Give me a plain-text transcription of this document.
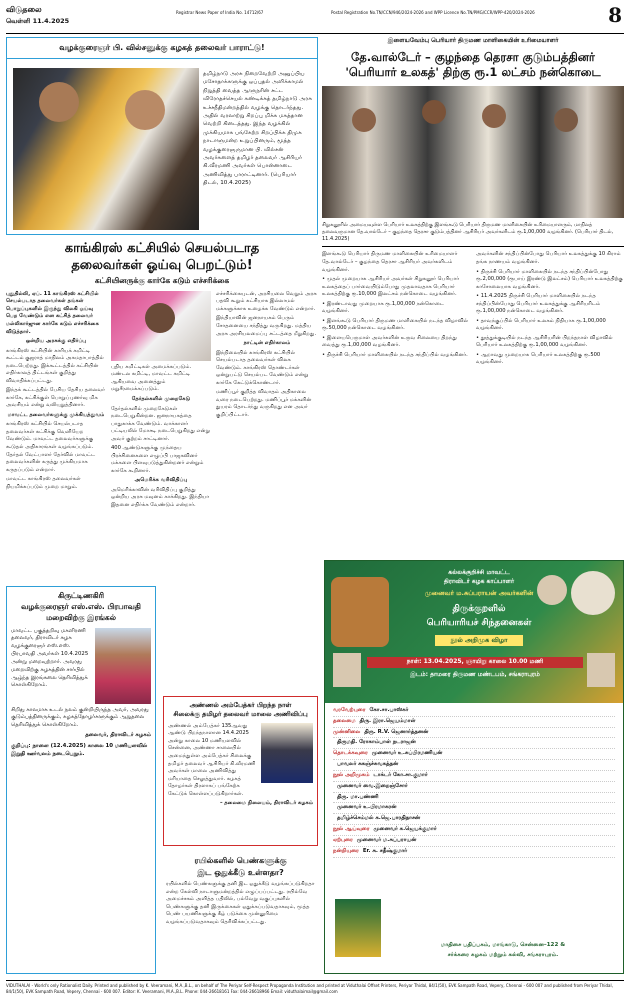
விடுதலை
வெள்ளி 11.4.2025
Registrar News Paper of India No. 14712/67	Postal Registration No.TN/CCN/946/2024-2026 and WPP Licence No.TN/PMG/CCR/WPP-420/2024-2026	8
வழக்குரைஞர் பி. வில்சனுக்கு கழகத் தலைவர் பாராட்டு!
தமிழ்நாடு அரசு நிறைவேற்றி அனுப்பிய மசோதாக்களுக்கு ஒப்புதல் அளிக்காமல் நிறுத்தி வைத்த ஆளுநரின் சட்ட விரோதச்செயல் கண்டிக்கத் தமிழ்நாடு அரசு உச்சநீதிமன்றத்தில் வழக்கு தொடர்ந்தது. அதில் வரலாற்று சிறப்பு மிக்க மகத்தான வெற்றி கிடைத்தது. இந்த வழக்கில் முக்கியமாக பங்கேற்ற சிறப்பிக்க திமுக நாடாளுமன்ற உறுப்பினரும், மூத்த வழக்குரைஞருமான பி. வில்சன் அவர்களைத் தமிழர் தலைவர் ஆசிரியர் கி.வீரமணி அவர்கள் பொன்னாடை அணிவித்து பாராட்டினார். (பெரியார் திடல், 10.4.2025)
இளையவேம்பு பெரியார் திருமண மாளிகையின் உரிமையாளர்
தே.வால்டேர் – குழந்தை தெரசா குடும்பத்தினர்
'பெரியார் உலகத்' திற்கு ரூ.1 லட்சம் நன்கொடை
சிறுகனூரில் அமையவுள்ள பெரியார் உலகத்திற்கு இளங்கூடு பெரியார் திருமண மாளிகையின் உரிமையாளரும், மாநிலத் தலைவருமான தே.வால்டேர் – குழந்தை தெரசா குடும்பத்தினர் ஆசிரியர் அவர்களிடம் ரூ.1,00,000 வழங்கினர். (பெரியார் திடல், 11.4.2025)

இளங்கூடு பெரியார் திருமண மாளிகையின் உரிமையாளர் தே.வால்டேர் – குழந்தை தெரசா ஆசிரியர் அவர்களிடம் வழங்கினர்.

• முதல் முறையாக ஆசிரியர் அவர்கள் சிறுகனூர் பெரியார் உலகத்தைப் பார்வையிடும்போது முதலாவதாக பெரியார் உலகத்திற்கு ரூ.10,000 இலட்சம் நன்கொடை வழங்கினர்.

• இரண்டாவது முறையாக ரூ.1,00,000 நன்கொடை வழங்கினர்.

• இளங்கூடு பெரியார் திருமண மாளிகையில் நடந்த விழாவில் ரூ.50,000 நன்கொடை வழங்கினர்.

• இளையபெருமாள் அவர்களின் உருவ சிலையை திறந்து வைத்து ரூ.1,00,000 வழங்கினர்.

• திருச்சி பெரியார் மாளிகையில் நடந்த சந்திப்பில் வழங்கினர்.

அவர்களின் சந்திப்பின்போது பெரியார் உலகத்துக்கு 10 கிராம் தங்க நாணயம் வழங்கினர்.

• திருச்சி பெரியார் மாளிகையில் நடந்த சந்திப்பின்போது ரூ.2,00,000 (ரூபாய் இரண்டு இலட்சம்) பெரியார் உலகத்திற்கு காசோலையாக வழங்கினர்.

• 11.4.2025 திருச்சி பெரியார் மாளிகையில் நடந்த சந்திப்பின்போது பெரியார் உலகத்துக்கு ஆசிரியரிடம் ரூ.1,00,000 நன்கொடை வழங்கினர்.

• தாவந்குப்பில் பெரியார் உலகம் நிதியாக ரூ.1,00,000 வழங்கினர்.

• தூத்துக்குடியில் நடந்த ஆசிரியரின் பிறந்தநாள் விழாவில் பெரியார் உலகத்திற்கு ரூ.1,00,000 வழங்கினர்.

• ஆறாவது முறையாக பெரியார் உலகத்திற்கு ரூ.500 வழங்கினர்.

காங்கிரஸ் கட்சியில் செயல்படாத
தலைவர்கள் ஓய்வு பெறட்டும்!
கட்சியினருக்கு கார்கே கடும் எச்சரிக்கை

புதுதில்லி, ஏப். 11 காங்கிரஸ் கட்சியில் செயல்படாத தலைவர்கள் தங்கள் பொறுப்புகளில் இருந்து விலகி ஓய்வு பெற வேண்டும் என கட்சித் தலைவர் மல்லிகார்ஜுன கார்கே கடும் எச்சரிக்கை விடுத்தார்.

ஒன்றிய அரசுக்கு எதிர்ப்பு

காங்கிரஸ் கட்சியின் காரியக் கமிட்டி கூட்டம் குஜராத் மாநிலம் அகமதாபாத்தில் நடைபெற்றது. இக்கூட்டத்தில் கட்சியின் எதிர்காலத் திட்டங்கள் குறித்து விவாதிக்கப்பட்டது.

இந்தக் கூட்டத்தில் பேசிய தேசிய தலைவர் கார்கே, கட்சிக்குள் பொறுப்புணர்வு மிக அவசியம் என்று வலியுறுத்தினார்.

மாவட்ட தலைவர்களுக்கு முக்கியத்துவம்

காங்கிரஸ் கட்சியில் செயல்படாத தலைவர்கள் கட்சிக்கு வெளியேற வேண்டும். மாவட்ட தலைவர்களுக்கு கூடுதல் அதிகாரங்கள் வழங்கப்படும். தேர்தல் வேட்பாளர் தேர்வில் மாவட்ட தலைவர்களின் கருத்து முக்கியமாக கருதப்படும் என்றார்.

மாவட்ட காங்கிரஸ் தலைவர்கள் நியமிக்கப்படும் முறை மாறும்.

புதிய கமிட்டிகள் அமைக்கப்படும். மண்டல கமிட்டி, மாவட்ட கமிட்டி ஆகியவை அனைத்தும் மறுசீரமைக்கப்படும்.

தேர்தல்களில் முறைகேடு

தேர்தல்களில் முறைகேடுகள் நடைபெறுகின்றன. ஜனநாயகத்தை பாதுகாக்க வேண்டும். வாக்காளர் பட்டியலில் மோசடி நடைபெறுகிறது என்று அவர் குற்றம் சாட்டினார்.

400 ஆண்டுகளுக்கு முந்தைய பிரச்சினைகளை எழுப்பி பாஜகவினர் மக்களை பிளவுபடுத்துகின்றனர் என்றும் கார்கே கூறினார்.

அமெரிக்க வரிவிதிப்பு

அமெரிக்காவின் வரிவிதிப்பு குறித்து ஒன்றிய அரசு மவுனம் காக்கிறது. இந்தியா இதனை எதிர்க்க வேண்டும் என்றார்.

எச்சரிக்கையுடன், அரசியலை வெறும் அரசு பதவி கூறும் கட்சியாக இல்லாமல் மக்களுக்காக உழைக்க வேண்டும் என்றார்.

இந்தியாவின் ஜனநாயகம் பெரும் சோதனையை சந்தித்து வருகிறது. மத்திய அரசு அரசியலமைப்பு சட்டத்தை மீறுகிறது.

நாட்டின் எதிர்காலம்

இந்நிலையில் காங்கிரஸ் கட்சியில் செயல்படாத தலைவர்கள் விலக வேண்டும். காங்கிரஸ் தொண்டர்கள் ஒன்றுபட்டு செயல்பட வேண்டும் என்று கார்கே கேட்டுக்கொண்டார்.

மணிப்பூர் குறித்த விவாதம் அதிகாலை வரை நடைபெற்றது. மணிப்பூர் மக்களின் துயரம் தொடர்ந்து வருகிறது என அவர் குறிப்பிட்டார்.

கிருட்டிணகிரி
வழக்குரைஞர் எஸ்.எஸ். பிரபாவதி
மறைவிற்கு இரங்கல்
மாவட்ட பகுத்தறிவு மகளிரணி தலைவர், திராவிடர் கழக வழக்குரைஞர் எஸ்.எஸ். பிரபாவதி அவர்கள் 10.4.2025 அன்று மறைவுற்றார். அவரது மறைவிற்கு கழகத்தின் சார்பில் ஆழ்ந்த இரங்கலை தெரிவித்துக் கொள்கிறோம்.

சிறிது காலமாக உடல் நலம் குன்றியிருந்த அவர், அவரது குடும்பத்தினருக்கும், கழகத்தோழர்களுக்கும் ஆறுதலை தெரிவித்துக் கொள்கிறோம்.

தலைவர், திராவிடர் கழகம்

குறிப்பு: நாளை (12.4.2025) காலை 10 மணியளவில் இறுதி ஊர்வலம் நடைபெறும்.

அண்ணல் அம்பேத்கர் பிறந்த நாள்
சிலைக்கு தமிழர் தலைவர் மாலை அணிவிப்பு
அண்ணல் அம்பேத்கர் 135ஆவது ஆண்டு பிறந்தநாளான 14.4.2025 அன்று காலை 10 மணியளவில் சென்னை, அண்ணா சாலையில் அமைந்துள்ள அம்பேத்கர் சிலைக்கு தமிழர் தலைவர் ஆசிரியர் கி.வீரமணி அவர்கள் மாலை அணிவித்து மரியாதை செலுத்துவார். கழகத் தோழர்கள் திரளாகப் பங்கேற்க கேட்டுக் கொள்ளப்படுகிறார்கள்.

– தலைமை நிலையம், திராவிடர் கழகம்

ரயில்களில் பெண்களுக்கு
இட ஒதுக்கீடு உள்ளதா?
ரயில்களில் பெண்களுக்கு தனி இட ஒதுக்கீடு வழங்கப்படுகிறதா என்ற கேள்வி நாடாளுமன்றத்தில் எழுப்பப்பட்டது. ரயில்வே அமைச்சகம் அளித்த பதிலில், பல்வேறு வகுப்புகளில் பெண்களுக்கு தனி இருக்கைகள் ஒதுக்கப்படுவதாகவும், மூத்த பெண் பயணிகளுக்கு கீழ் படுக்கை முன்னுரிமை வழங்கப்படுவதாகவும் தெரிவிக்கப்பட்டது.
கல்லக்குறிச்சி மாவட்ட
திராவிடர் கழக காப்பாளர்
முனைவர் ம.சுப்பராயன் அவர்களின்
திருக்குறளில்
பெரியாரியச் சிந்தனைகள்
நூல் அறிமுக விழா
நாள்: 13.04.2025, ஞாயிறு காலை 10.00 மணி
இடம்: தாமரை திருமண மண்டபம், சங்கராபுரம்
வரவேற்புரை கோ.சா.பாஸ்கர்
தலைமை திரு. இரா.ஜெயம்மாள்
முன்னிலை திரு. R.V. ஜெனார்த்தனன்
திருமதி. ரோகாம்பாள் நடராஜன்
தொடக்கவுரை முனைவர் உ.சுப்பிரமணியன்
பாவலர் சுகஞ்ச்சுவகத்தன்
நூல் அறிமுகம் டாக்டர் கோ.சா.குமார்
முனைவர் வை.இறைஞ்சோர்
திரு. மா.பண்ணி
முனைவர் உ.பிரமாகரன்
தமிழ்ச்செம்மல் க.ஜெ.பாரதிதாசன்
நூல் ஆய்வுரை முனைவர் க.ஜெயக்குமார்
ஏற்புரை முனைவர் ம.சுப்பராயன்
நன்றியுரை Er. சு. சதீஷ்குமார்
மாதிசை பதிப்பகம், மாங்காடு, சென்னை–122 &
சர்க்கரை கழகம் மற்றும் கல்வி, சங்கராபுரம்.
VIDUTHALAI - World's only Rationalist Daily. Printed and published by K. Veeramani, M.A.,B.L., on behalf of The Periyar Self-Respect Propaganda Institution and printed at Viduthalai Offset Printers, Periyar Thidal, 84/1(50), EVK Sampath Road, Vepery, Chennai - 600 007 and published from Periyar Thidal, 84/1(50), EVK Sampath Road, Vepery, Chennai - 600 007. Editor: K. Veeramani, M.A.,B.L. Phone: 044-26618161 Fax: 044-26618966 Email: viduthalaimail@gmail.com
